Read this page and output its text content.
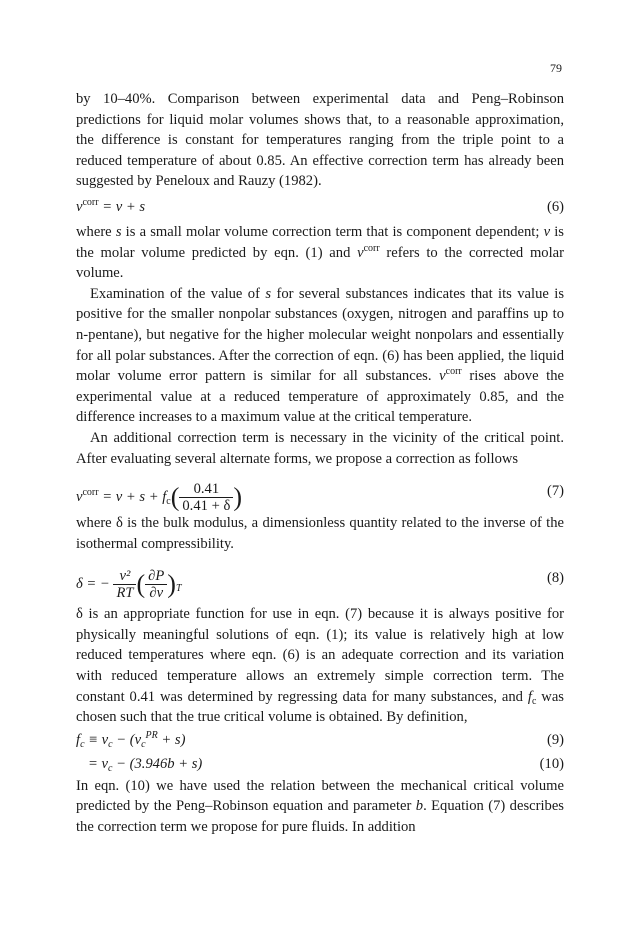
79

by 10–40%. Comparison between experimental data and Peng–Robinson predictions for liquid molar volumes shows that, to a reasonable approximation, the difference is constant for temperatures ranging from the triple point to a reduced temperature of about 0.85. An effective correction term has already been suggested by Peneloux and Rauzy (1982).

$v^{corr} = v + s$	(6)

where s is a small molar volume correction term that is component dependent; v is the molar volume predicted by eqn. (1) and $v^{corr}$ refers to the corrected molar volume.

Examination of the value of s for several substances indicates that its value is positive for the smaller nonpolar substances (oxygen, nitrogen and paraffins up to n-pentane), but negative for the higher molecular weight nonpolars and essentially for all polar substances. After the correction of eqn. (6) has been applied, the liquid molar volume error pattern is similar for all substances. $v^{corr}$ rises above the experimental value at a reduced temperature of approximately 0.85, and the difference increases to a maximum value at the critical temperature.

An additional correction term is necessary in the vicinity of the critical point. After evaluating several alternate forms, we propose a correction as follows

$v^{corr} = v + s + f_c( \frac{0.41}{0.41 + \delta}$ )	(7)

where δ is the bulk modulus, a dimensionless quantity related to the inverse of the isothermal compressibility.

δ = − $\frac{\text{v²}}{RT}$ ( $\frac{\partial P}{\partial v} )_T$
(8)

δ is an appropriate function for use in eqn. (7) because it is always positive for physically meaningful solutions of eqn. (1); its value is relatively high at low reduced temperatures where eqn. (6) is an adequate correction and its variation with reduced temperature allows an extremely simple correction term. The constant 0.41 was determined by regressing data for many substances, and $f_c$ was chosen such that the true critical volume is obtained. By definition,

$f_c \equiv v_c - (v_c^{PR} + s)$	(9)
= $v_c - (3.946b + s)$	(10)

In eqn. (10) we have used the relation between the mechanical critical volume predicted by the Peng–Robinson equation and parameter b. Equation (7) describes the correction term we propose for pure fluids. In addition
